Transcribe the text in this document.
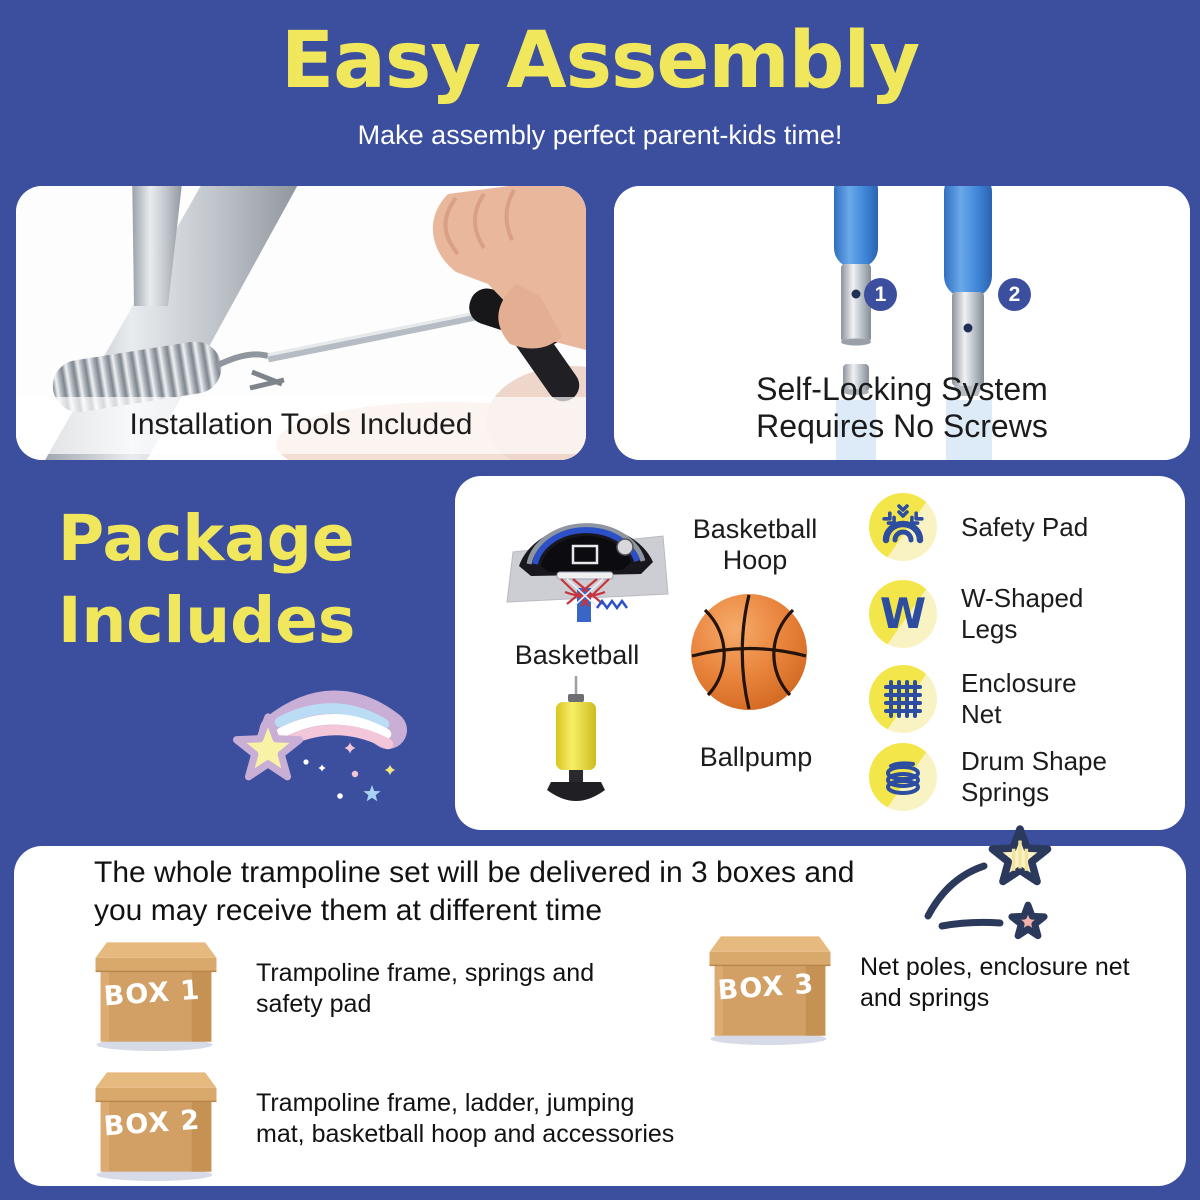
Easy Assembly
Make assembly perfect parent-kids time!
Installation Tools Included
1	2
Self-Locking System
Requires No Screws
Package
Includes
Basketball
Hoop
Basketball
Ballpump
Safety Pad
W W-Shaped
Legs
Enclosure
Net
Drum Shape
Springs
The whole trampoline set will be delivered in 3 boxes and
you may receive them at different time
BOX 1
Trampoline frame, springs and
safety pad	BOX 3
Net poles, enclosure net
and springs
BOX 2
Trampoline frame, ladder, jumping
mat, basketball hoop and accessories
